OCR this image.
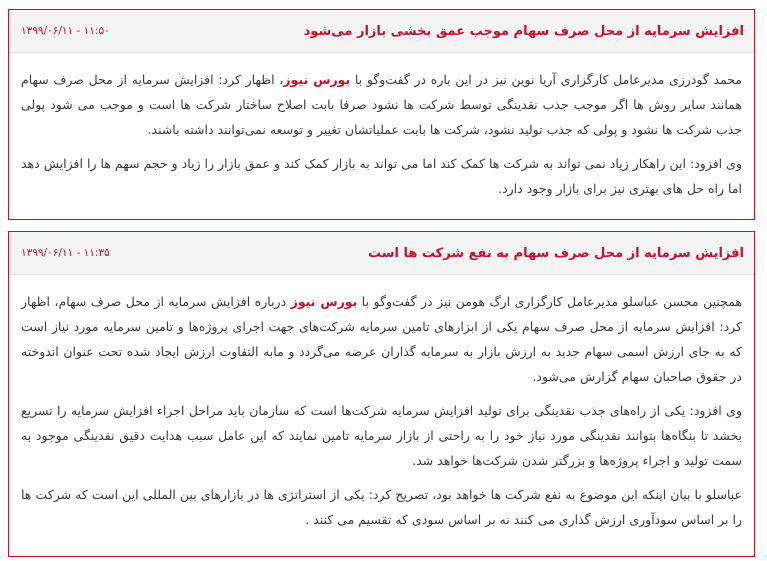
افزایش سرمایه از محل صرف سهام موجب عمق بخشی بازار می‌شود
۱۳۹۹/۰۶/۱۱ - ۱۱:۵۰

محمد گودرزی مدیرعامل کارگزاری آریا نوین نیز در این باره در گفت‌وگو با بورس نیوز، اظهار کرد: افزایش سرمایه از محل صرف سهام همانند سایر روش ها اگر موجب جذب نقدینگی توسط شرکت ها نشود صرفا بابت اصلاح ساختار شرکت ها است و موجب می شود پولی جذب شرکت ها نشود و پولی که جذب تولید نشود، شرکت ها بابت عملیاتشان تغییر و توسعه نمی‌توانند داشته باشند.

وی افزود: این راهکار زیاد نمی تواند به شرکت ها کمک کند اما می تواند به بازار کمک کند و عمق بازار را زیاد و حجم سهم ها را افزایش دهد اما راه حل های بهتری نیز برای بازار وجود دارد.

افزایش سرمایه از محل صرف سهام به نفع شرکت ها است
۱۳۹۹/۰۶/۱۱ - ۱۱:۳۵

همچنین محسن عباسلو مدیرعامل کارگزاری ارگ هومن نیز در گفت‌وگو با بورس نیوز درباره افزایش سرمایه از محل صرف سهام، اظهار کرد: افزایش سرمایه از محل صرف سهام یکی از ابزارهای تامین سرمایه شرکت‌های جهت اجرای پروژه‌ها و تامین سرمایه مورد نیاز است که به جای ارزش اسمی سهام جدید به ارزش بازار به سرمایه گذاران عرضه می‌گردد و مابه التفاوت ارزش ایجاد شده تحت عنوان اندوخته در حقوق صاحبان سهام گزارش می‌شود.

وی افزود: یکی از راه‌های جذب نقدینگی برای تولید افزایش سرمایه شرکت‌ها است که سازمان باید مراحل اجراء افزایش سرمایه را تسریع بخشد تا بنگاه‌ها بتوانند نقدینگی مورد نیاز خود را به راحتی از بازار سرمایه تامین نمایند که این عامل سبب هدایت دقیق نقدینگی موجود به سمت تولید و اجراء پروژه‌ها و بزرگتر شدن شرکت‌ها خواهد شد.

عباسلو با بیان اینکه این موضوع به نفع شرکت ها خواهد بود، تصریح کرد: یکی از استراتژی ها در بازارهای بین المللی این است که شرکت ها را بر اساس سودآوری ارزش گذاری می کنند نه بر اساس سودی که تقسیم می کنند .
